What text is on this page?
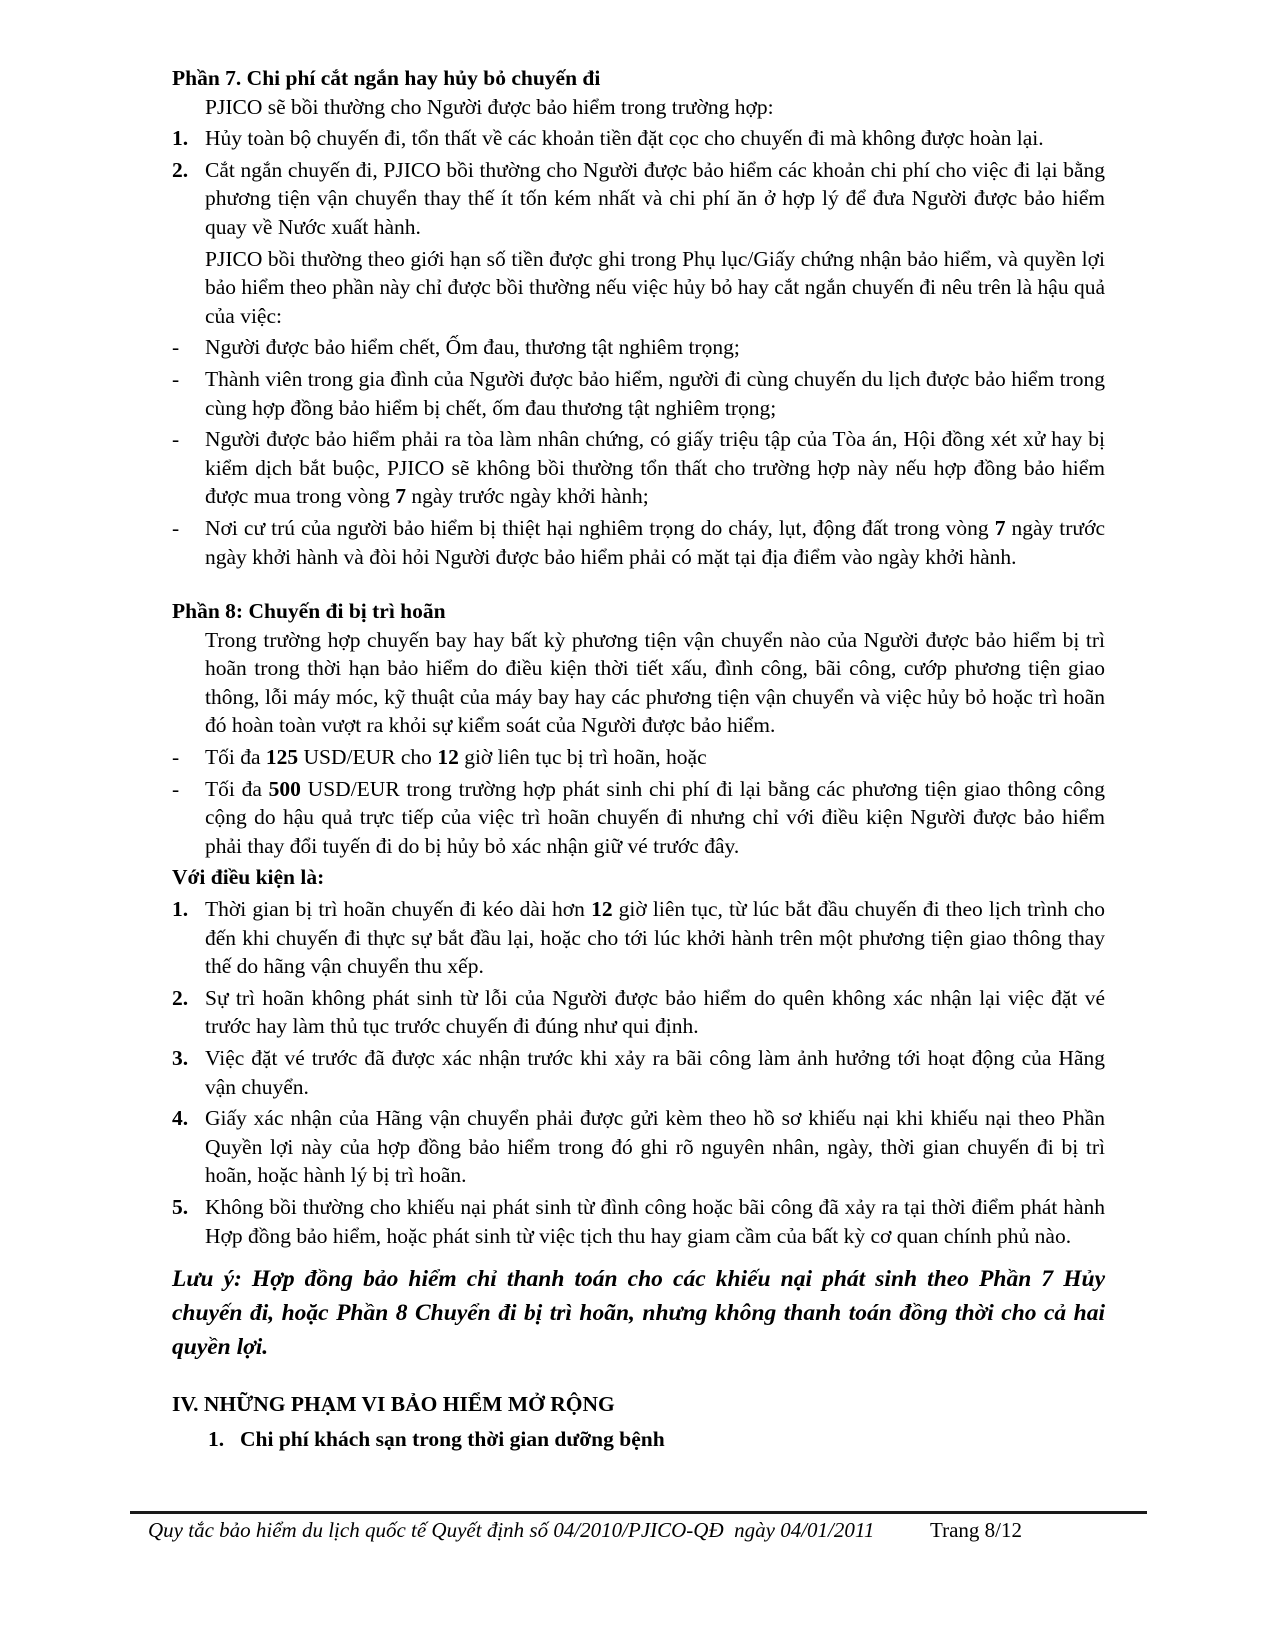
Phần 7. Chi phí cắt ngắn hay hủy bỏ chuyến đi
PJICO sẽ bồi thường cho Người được bảo hiểm trong trường hợp:
1. Hủy toàn bộ chuyến đi, tổn thất về các khoản tiền đặt cọc cho chuyến đi mà không được hoàn lại.
2. Cắt ngắn chuyến đi, PJICO bồi thường cho Người được bảo hiểm các khoản chi phí cho việc đi lại bằng phương tiện vận chuyển thay thế ít tốn kém nhất và chi phí ăn ở hợp lý để đưa Người được bảo hiểm quay về Nước xuất hành.
PJICO bồi thường theo giới hạn số tiền được ghi trong Phụ lục/Giấy chứng nhận bảo hiểm, và quyền lợi bảo hiểm theo phần này chỉ được bồi thường nếu việc hủy bỏ hay cắt ngắn chuyến đi nêu trên là hậu quả của việc:
- Người được bảo hiểm chết, Ốm đau, thương tật nghiêm trọng;
- Thành viên trong gia đình của Người được bảo hiểm, người đi cùng chuyến du lịch được bảo hiểm trong cùng hợp đồng bảo hiểm bị chết, ốm đau thương tật nghiêm trọng;
- Người được bảo hiểm phải ra tòa làm nhân chứng, có giấy triệu tập của Tòa án, Hội đồng xét xử hay bị kiểm dịch bắt buộc, PJICO sẽ không bồi thường tổn thất cho trường hợp này nếu hợp đồng bảo hiểm được mua trong vòng 7 ngày trước ngày khởi hành;
- Nơi cư trú của người bảo hiểm bị thiệt hại nghiêm trọng do cháy, lụt, động đất trong vòng 7 ngày trước ngày khởi hành và đòi hỏi Người được bảo hiểm phải có mặt tại địa điểm vào ngày khởi hành.
Phần 8: Chuyến đi bị trì hoãn
Trong trường hợp chuyến bay hay bất kỳ phương tiện vận chuyển nào của Người được bảo hiểm bị trì hoãn trong thời hạn bảo hiểm do điều kiện thời tiết xấu, đình công, bãi công, cướp phương tiện giao thông, lỗi máy móc, kỹ thuật của máy bay hay các phương tiện vận chuyển và việc hủy bỏ hoặc trì hoãn đó hoàn toàn vượt ra khỏi sự kiểm soát của Người được bảo hiểm.
- Tối đa 125 USD/EUR cho 12 giờ liên tục bị trì hoãn, hoặc
- Tối đa 500 USD/EUR trong trường hợp phát sinh chi phí đi lại bằng các phương tiện giao thông công cộng do hậu quả trực tiếp của việc trì hoãn chuyến đi nhưng chỉ với điều kiện Người được bảo hiểm phải thay đổi tuyến đi do bị hủy bỏ xác nhận giữ vé trước đây.
Với điều kiện là:
1. Thời gian bị trì hoãn chuyến đi kéo dài hơn 12 giờ liên tục, từ lúc bắt đầu chuyến đi theo lịch trình cho đến khi chuyến đi thực sự bắt đầu lại, hoặc cho tới lúc khởi hành trên một phương tiện giao thông thay thế do hãng vận chuyển thu xếp.
2. Sự trì hoãn không phát sinh từ lỗi của Người được bảo hiểm do quên không xác nhận lại việc đặt vé trước hay làm thủ tục trước chuyến đi đúng như qui định.
3. Việc đặt vé trước đã được xác nhận trước khi xảy ra bãi công làm ảnh hưởng tới hoạt động của Hãng vận chuyển.
4. Giấy xác nhận của Hãng vận chuyển phải được gửi kèm theo hồ sơ khiếu nại khi khiếu nại theo Phần Quyền lợi này của hợp đồng bảo hiểm trong đó ghi rõ nguyên nhân, ngày, thời gian chuyến đi bị trì hoãn, hoặc hành lý bị trì hoãn.
5. Không bồi thường cho khiếu nại phát sinh từ đình công hoặc bãi công đã xảy ra tại thời điểm phát hành Hợp đồng bảo hiểm, hoặc phát sinh từ việc tịch thu hay giam cầm của bất kỳ cơ quan chính phủ nào.
Lưu ý: Hợp đồng bảo hiểm chỉ thanh toán cho các khiếu nại phát sinh theo Phần 7 Hủy chuyến đi, hoặc Phần 8 Chuyển đi bị trì hoãn, nhưng không thanh toán đồng thời cho cả hai quyền lợi.
IV. NHỮNG PHẠM VI BẢO HIỂM MỞ RỘNG
1. Chi phí khách sạn trong thời gian dưỡng bệnh
Quy tắc bảo hiểm du lịch quốc tế Quyết định số 04/2010/PJICO-QĐ  ngày 04/01/2011	Trang 8/12
